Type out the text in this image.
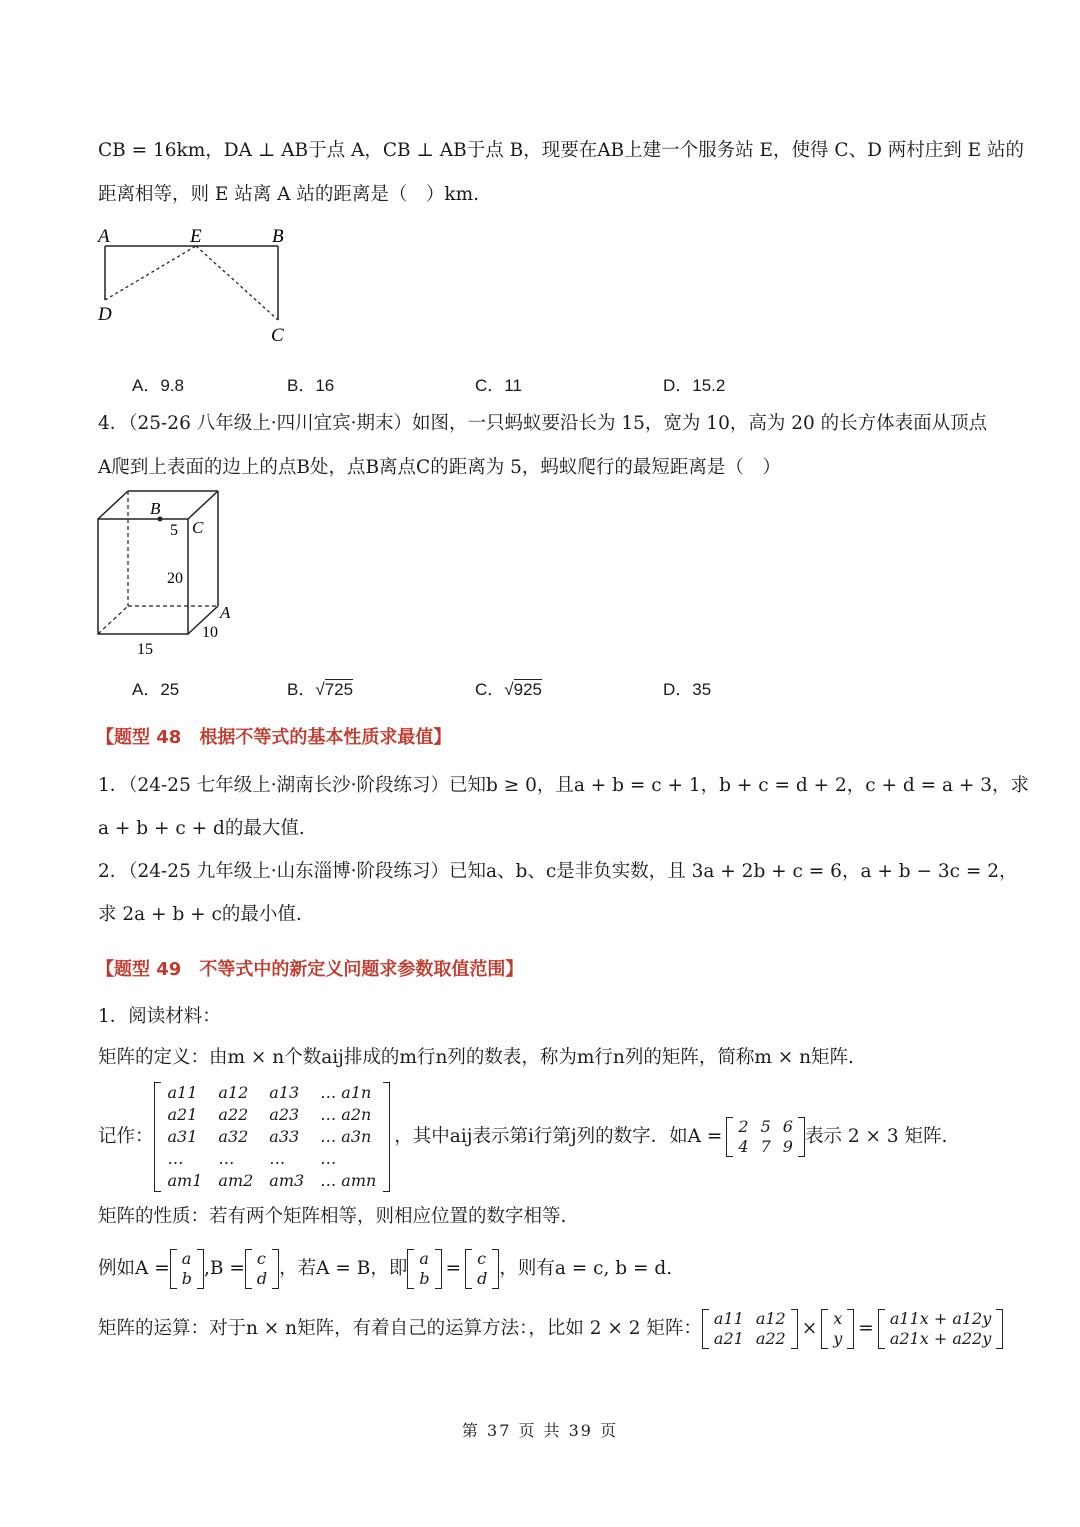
CB = 16km，DA ⊥ AB于点 A，CB ⊥ AB于点 B，现要在AB上建一个服务站 E，使得 C、D 两村庄到 E 站的
距离相等，则 E 站离 A 站的距离是（　）km.
A	E	B
D
C
A．9.8	B．16	C．11	D．15.2
4．（25-26 八年级上·四川宜宾·期末）如图，一只蚂蚁要沿长为 15，宽为 10，高为 20 的长方体表面从顶点
A爬到上表面的边上的点B处，点B离点C的距离为 5，蚂蚁爬行的最短距离是（　）
B
C
5
20
A
10
15
A．25	B．√725	C．√925	D．35
【题型 48　根据不等式的基本性质求最值】
1．（24-25 七年级上·湖南长沙·阶段练习）已知b ≥ 0，且a + b = c + 1，b + c = d + 2，c + d = a + 3，求
a + b + c + d的最大值.
2．（24-25 九年级上·山东淄博·阶段练习）已知a、b、c是非负实数，且 3a + 2b + c = 6，a + b − 3c = 2，
求 2a + b + c的最小值.
【题型 49　不等式中的新定义问题求参数取值范围】
1．阅读材料：
矩阵的定义：由m × n个数aij排成的m行n列的数表，称为m行n列的矩阵，简称m × n矩阵.
记作：
a11	a12	a13	… a1n
a21	a22	a23	… a2n
a31	a32	a33	… a3n
…	…	…	…
am1	am2	am3	… amn
，其中aij表示第i行第j列的数字．如A = 2	5	6
4	7	9 表示 2 × 3 矩阵.
矩阵的性质：若有两个矩阵相等，则相应位置的数字相等.
例如A = a
b ,B = c
d ，若A = B，即 a
b = c
d ，则有a = c, b = d.
矩阵的运算：对于n × n矩阵，有着自己的运算方法：，比如 2 × 2 矩阵： a11	a12
a21	a22 × x
y = a11x + a12y
a21x + a22y
第 37 页 共 39 页
